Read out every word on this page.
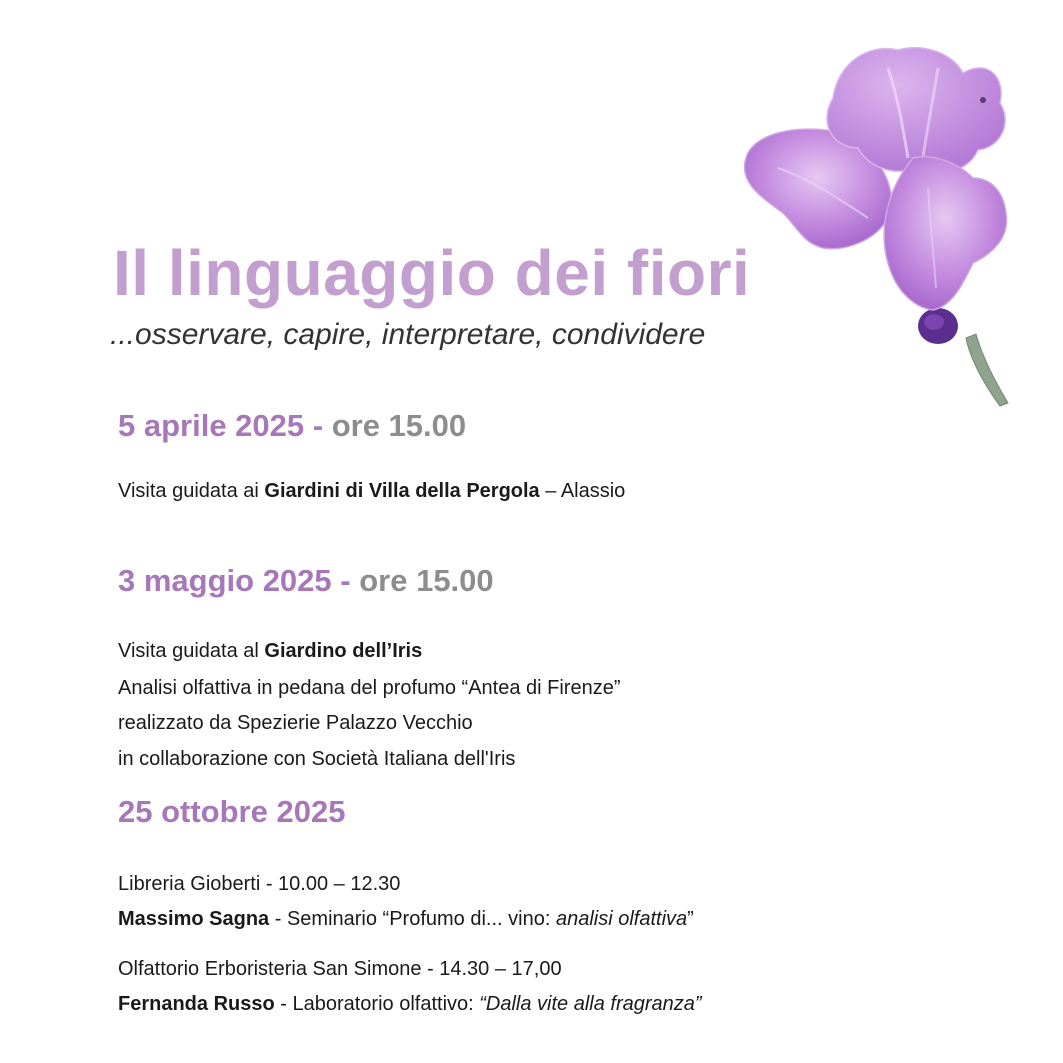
Il linguaggio dei fiori

...osservare, capire, interpretare, condividere

5 aprile 2025 - ore 15.00
Visita guidata ai Giardini di Villa della Pergola – Alassio
3 maggio 2025 - ore 15.00
Visita guidata al Giardino dell’Iris
Analisi olfattiva in pedana del profumo “Antea di Firenze”
realizzato da Spezierie Palazzo Vecchio
in collaborazione con Società Italiana dell'Iris
25 ottobre 2025
Libreria Gioberti - 10.00 – 12.30
Massimo Sagna - Seminario “Profumo di... vino: analisi olfattiva”
Olfattorio Erboristeria San Simone - 14.30 – 17,00
Fernanda Russo - Laboratorio olfattivo: “Dalla vite alla fragranza”
